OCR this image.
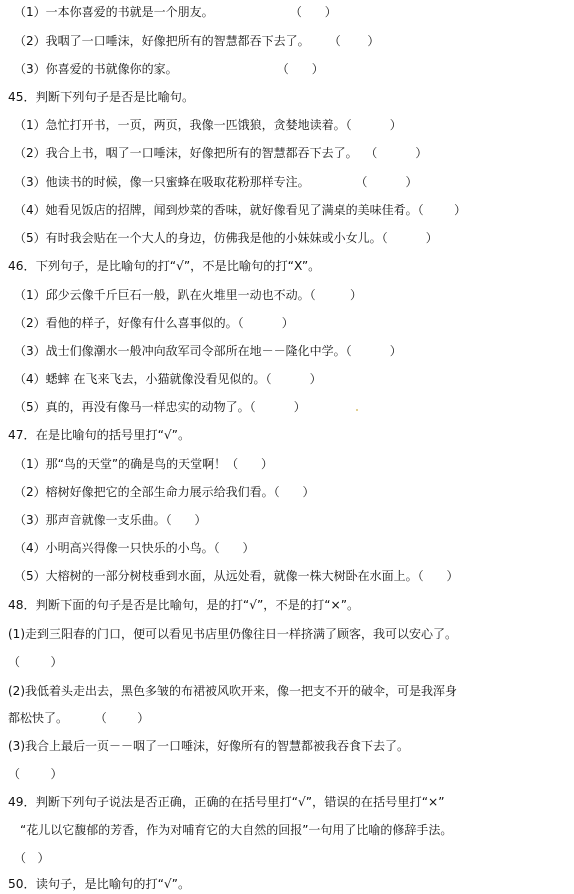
（1）一本你喜爱的书就是一个朋友。                    （      ）
（2）我咽了一口唾沫，好像把所有的智慧都吞下去了。     （       ）
（3）你喜爱的书就像你的家。                          （      ）
45．判断下列句子是否是比喻句。
（1）急忙打开书，一页，两页，我像一匹饿狼，贪婪地读着。（          ）
（2）我合上书，咽了一口唾沫，好像把所有的智慧都吞下去了。  （          ）
（3）他读书的时候，像一只蜜蜂在吸取花粉那样专注。            （          ）
（4）她看见饭店的招牌，闻到炒菜的香味，就好像看见了满桌的美味佳肴。（        ）
（5）有时我会贴在一个大人的身边，仿佛我是他的小妹妹或小女儿。（          ）
46．下列句子，是比喻句的打“√”，不是比喻句的打“X”。
（1）邱少云像千斤巨石一般，趴在火堆里一动也不动。（         ）
（2）看他的样子，好像有什么喜事似的。（          ）
（3）战士们像潮水一般冲向敌军司令部所在地－－隆化中学。（          ）
（4）蟋蟀 在飞来飞去，小猫就像没看见似的。（          ）
（5）真的，再没有像马一样忠实的动物了。（          ）
47．在是比喻句的括号里打“√”。
（1）那“鸟的天堂”的确是鸟的天堂啊！（      ）
（2）榕树好像把它的全部生命力展示给我们看。（      ）
（3）那声音就像一支乐曲。（      ）
（4）小明高兴得像一只快乐的小鸟。（      ）
（5）大榕树的一部分树枝垂到水面，从远处看，就像一株大树卧在水面上。（      ）
48．判断下面的句子是否是比喻句，是的打“√”，不是的打“×”。
(1)走到三阳春的门口，便可以看见书店里仍像往日一样挤满了顾客，我可以安心了。
（        ）
(2)我低着头走出去，黑色多皱的布裙被风吹开来，像一把支不开的破伞，可是我浑身
都松快了。       （        ）
(3)我合上最后一页－－咽了一口唾沫，好像所有的智慧都被我吞食下去了。
（        ）
49．判断下列句子说法是否正确，正确的在括号里打“√”，错误的在括号里打“×”
“花儿以它馥郁的芳香，作为对哺育它的大自然的回报”一句用了比喻的修辞手法。
（   ）
50．读句子，是比喻句的打“√”。
